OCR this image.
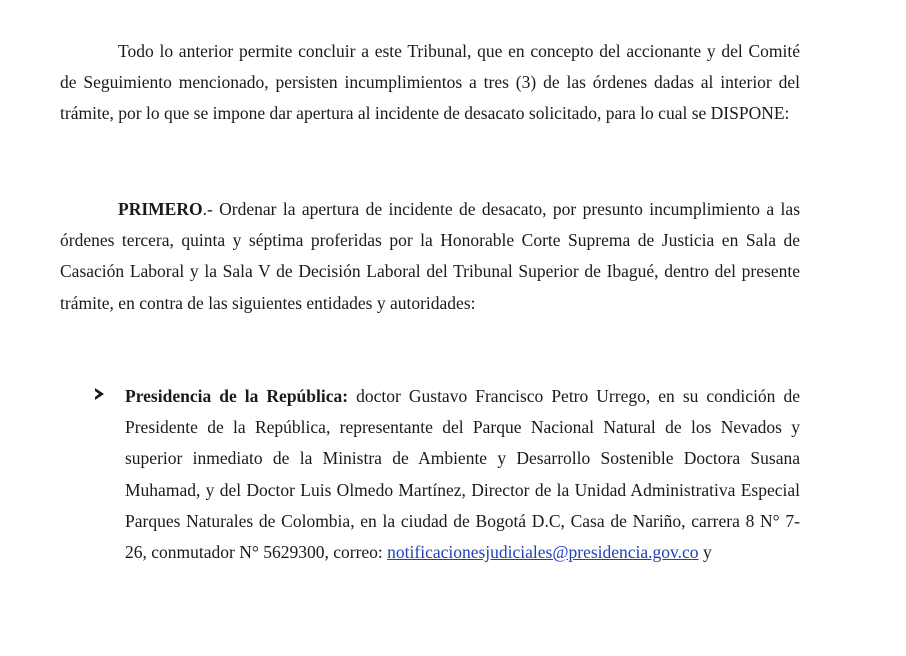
Todo lo anterior permite concluir a este Tribunal, que en concepto del accionante y del Comité de Seguimiento mencionado, persisten incumplimientos a tres (3) de las órdenes dadas al interior del trámite, por lo que se impone dar apertura al incidente de desacato solicitado, para lo cual se DISPONE:

PRIMERO.- Ordenar la apertura de incidente de desacato, por presunto incumplimiento a las órdenes tercera, quinta y séptima proferidas por la Honorable Corte Suprema de Justicia en Sala de Casación Laboral y la Sala V de Decisión Laboral del Tribunal Superior de Ibagué, dentro del presente trámite, en contra de las siguientes entidades y autoridades:

Presidencia de la República: doctor Gustavo Francisco Petro Urrego, en su condición de Presidente de la República, representante del Parque Nacional Natural de los Nevados y superior inmediato de la Ministra de Ambiente y Desarrollo Sostenible Doctora Susana Muhamad, y del Doctor Luis Olmedo Martínez, Director de la Unidad Administrativa Especial Parques Naturales de Colombia, en la ciudad de Bogotá D.C, Casa de Nariño, carrera 8 N° 7-26, conmutador N° 5629300, correo: notificacionesjudiciales@presidencia.gov.co y
